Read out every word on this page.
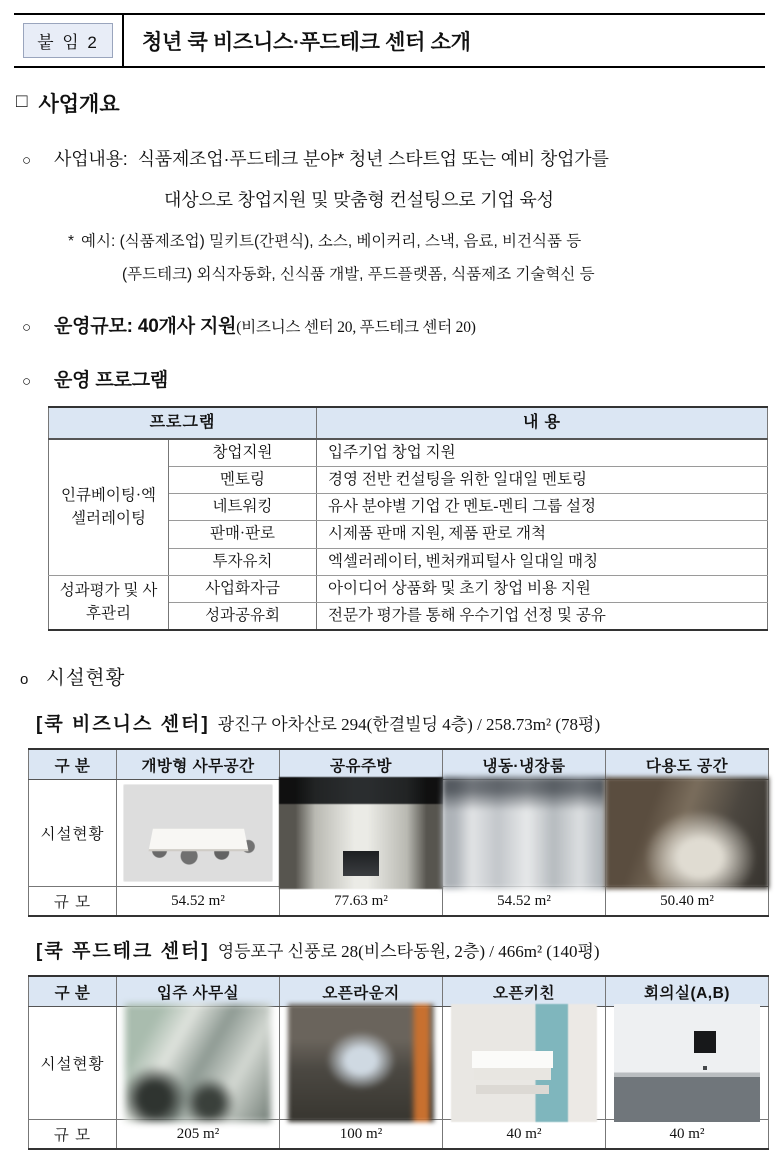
붙 임 2	청년 쿡 비즈니스·푸드테크 센터 소개
□ 사업개요
○	사업내용: 식품제조업·푸드테크 분야* 청년 스타트업 또는 예비 창업가를
대상으로 창업지원 및 맞춤형 컨설팅으로 기업 육성
* 예시: (식품제조업) 밀키트(간편식), 소스, 베이커리, 스낵, 음료, 비건식품 등
(푸드테크) 외식자동화, 신식품 개발, 푸드플랫폼, 식품제조 기술혁신 등
○	운영규모: 40개사 지원 (비즈니스 센터 20, 푸드테크 센터 20)
○	운영 프로그램
프로그램		내 용
인큐베이팅·엑셀러레이팅	창업지원	입주기업 창업 지원
	멘토링	경영 전반 컨설팅을 위한 일대일 멘토링
	네트워킹	유사 분야별 기업 간 멘토-멘티 그룹 설정
	판매·판로	시제품 판매 지원, 제품 판로 개척
	투자유치	엑셀러레이터, 벤처캐피털사 일대일 매칭
성과평가 및 사후관리	사업화자금	아이디어 상품화 및 초기 창업 비용 지원
	성과공유회	전문가 평가를 통해 우수기업 선정 및 공유
o 시설현황
[쿡 비즈니스 센터] 광진구 아차산로 294(한결빌딩 4층) / 258.73m² (78평)
구 분	개방형 사무공간	공유주방	냉동·냉장룸	다용도 공간
시설현황	

규 모	54.52 m²	77.63 m²	54.52 m²	50.40 m²
[쿡 푸드테크 센터] 영등포구 신풍로 28(비스타동원, 2층) / 466m² (140평)
구 분	입주 사무실	오픈라운지	오픈키친	회의실(A,B)
시설현황	

규 모	205 m²	100 m²	40 m²	40 m²
